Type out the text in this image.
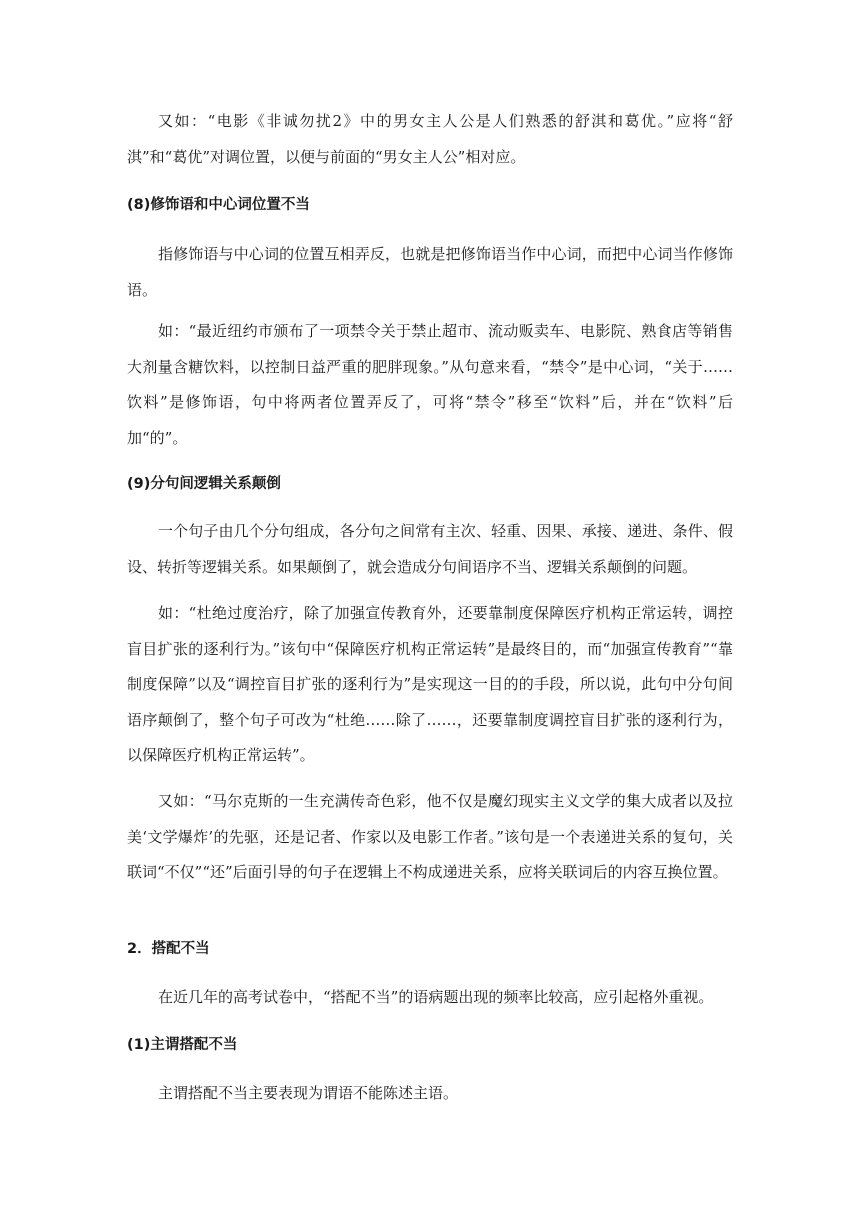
又如：“电影《非诚勿扰2》中的男女主人公是人们熟悉的舒淇和葛优。”应将“舒淇”和“葛优”对调位置，以便与前面的“男女主人公”相对应。

(8)修饰语和中心词位置不当

指修饰语与中心词的位置互相弄反，也就是把修饰语当作中心词，而把中心词当作修饰语。

如：“最近纽约市颁布了一项禁令关于禁止超市、流动贩卖车、电影院、熟食店等销售大剂量含糖饮料，以控制日益严重的肥胖现象。”从句意来看，“禁令”是中心词，“关于……饮料”是修饰语，句中将两者位置弄反了，可将“禁令”移至“饮料”后，并在“饮料”后加“的”。

(9)分句间逻辑关系颠倒

一个句子由几个分句组成，各分句之间常有主次、轻重、因果、承接、递进、条件、假设、转折等逻辑关系。如果颠倒了，就会造成分句间语序不当、逻辑关系颠倒的问题。

如：“杜绝过度治疗，除了加强宣传教育外，还要靠制度保障医疗机构正常运转，调控盲目扩张的逐利行为。”该句中“保障医疗机构正常运转”是最终目的，而“加强宣传教育”“靠制度保障”以及“调控盲目扩张的逐利行为”是实现这一目的的手段，所以说，此句中分句间语序颠倒了，整个句子可改为“杜绝……除了……，还要靠制度调控盲目扩张的逐利行为，以保障医疗机构正常运转”。

又如：“马尔克斯的一生充满传奇色彩，他不仅是魔幻现实主义文学的集大成者以及拉美‘文学爆炸’的先驱，还是记者、作家以及电影工作者。”该句是一个表递进关系的复句，关联词“不仅”“还”后面引导的句子在逻辑上不构成递进关系，应将关联词后的内容互换位置。

2．搭配不当

在近几年的高考试卷中，“搭配不当”的语病题出现的频率比较高，应引起格外重视。

(1)主谓搭配不当

主谓搭配不当主要表现为谓语不能陈述主语。
